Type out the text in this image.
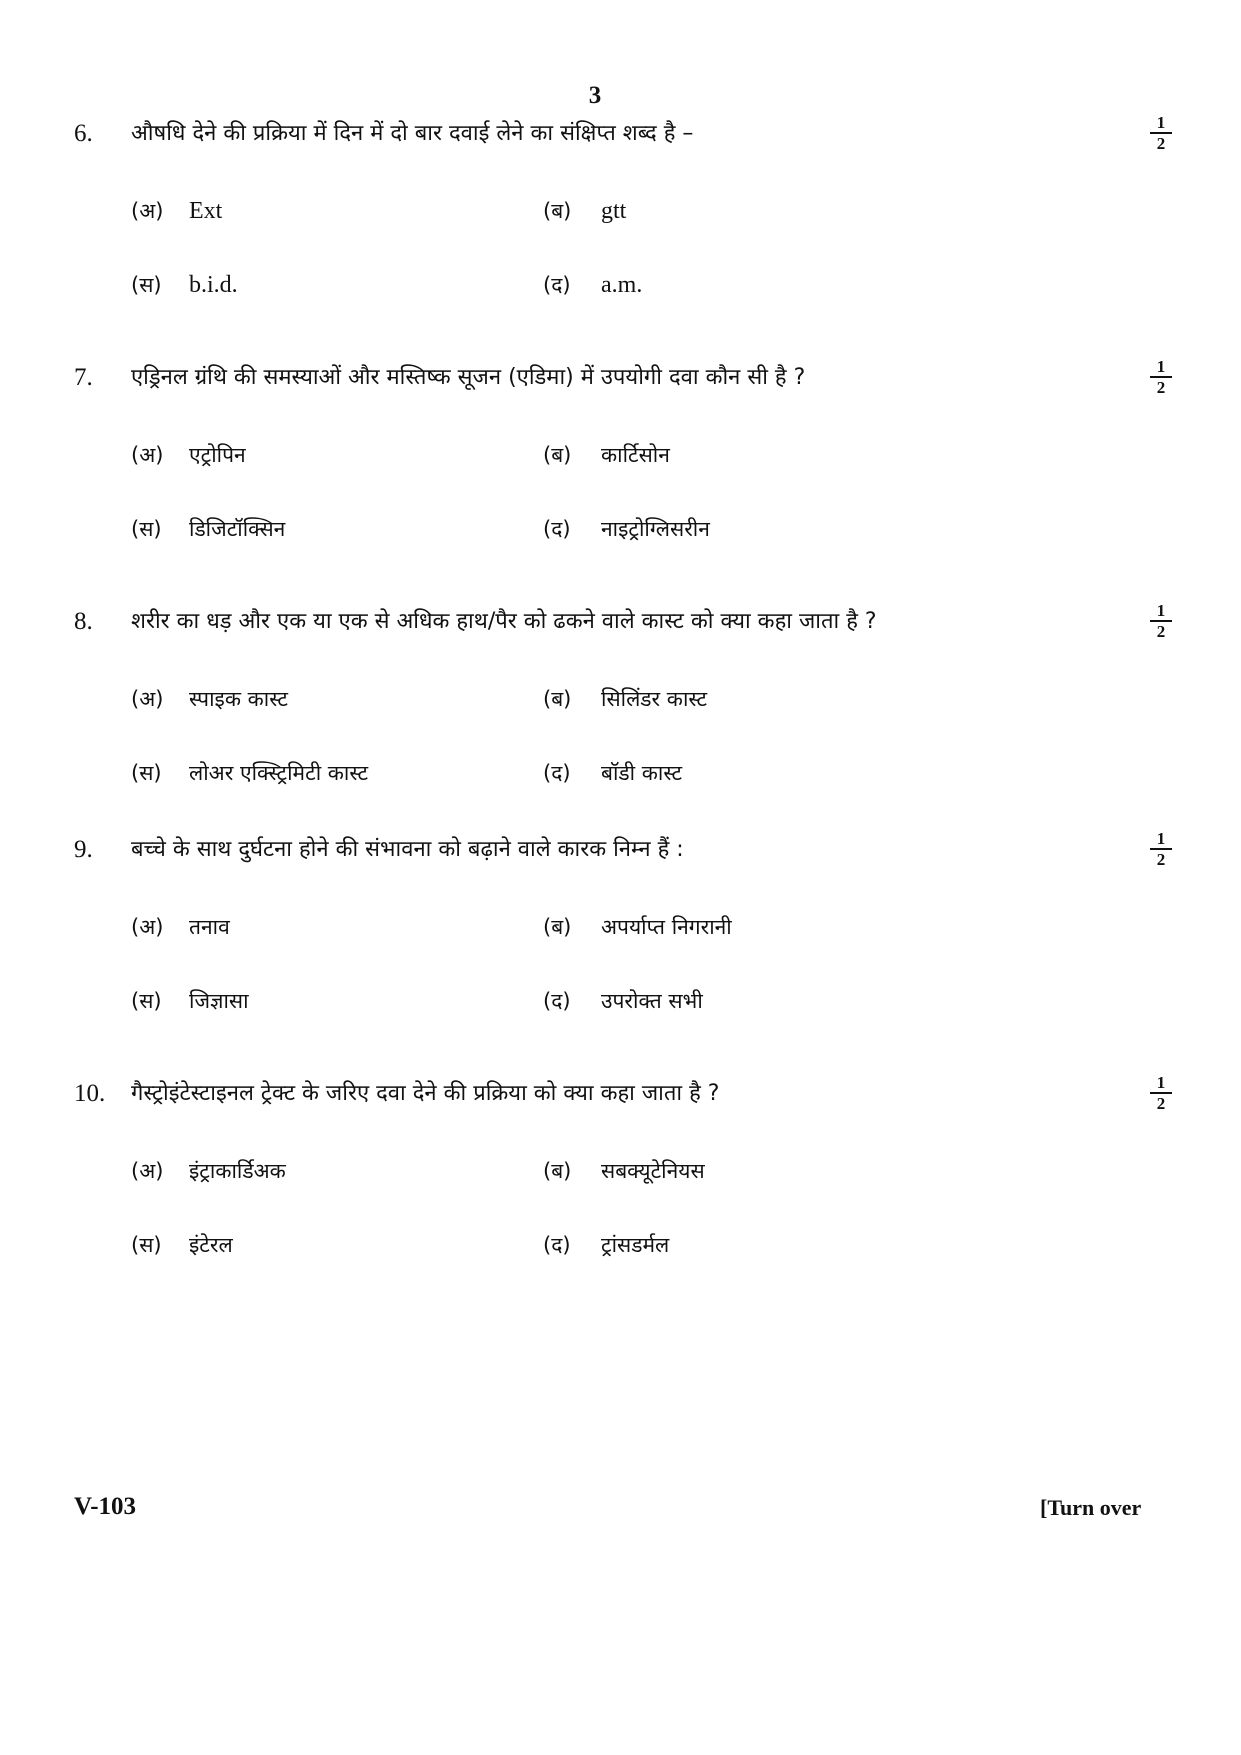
3
6. औषधि देने की प्रक्रिया में दिन में दो बार दवाई लेने का संक्षिप्त शब्द है –	$\frac{1}{2}$
(अ) Ext	(ब) gtt
(स) b.i.d.	(द) a.m.
7. एड्रिनल ग्रंथि की समस्याओं और मस्तिष्क सूजन (एडिमा) में उपयोगी दवा कौन सी है ?	$\frac{1}{2}$
(अ) एट्रोपिन	(ब) कार्टिसोन
(स) डिजिटॉक्सिन	(द) नाइट्रोग्लिसरीन
8. शरीर का धड़ और एक या एक से अधिक हाथ/पैर को ढकने वाले कास्ट को क्या कहा जाता है ?	$\frac{1}{2}$
(अ) स्पाइक कास्ट	(ब) सिलिंडर कास्ट
(स) लोअर एक्स्ट्रिमिटी कास्ट	(द) बॉडी कास्ट
9. बच्चे के साथ दुर्घटना होने की संभावना को बढ़ाने वाले कारक निम्न हैं :	$\frac{1}{2}$
(अ) तनाव	(ब) अपर्याप्त निगरानी
(स) जिज्ञासा	(द) उपरोक्त सभी
10. गैस्ट्रोइंटेस्टाइनल ट्रेक्ट के जरिए दवा देने की प्रक्रिया को क्या कहा जाता है ?	$\frac{1}{2}$
(अ) इंट्राकार्डिअक	(ब) सबक्यूटेनियस
(स) इंटेरल	(द) ट्रांसडर्मल
V-103	[Turn over
